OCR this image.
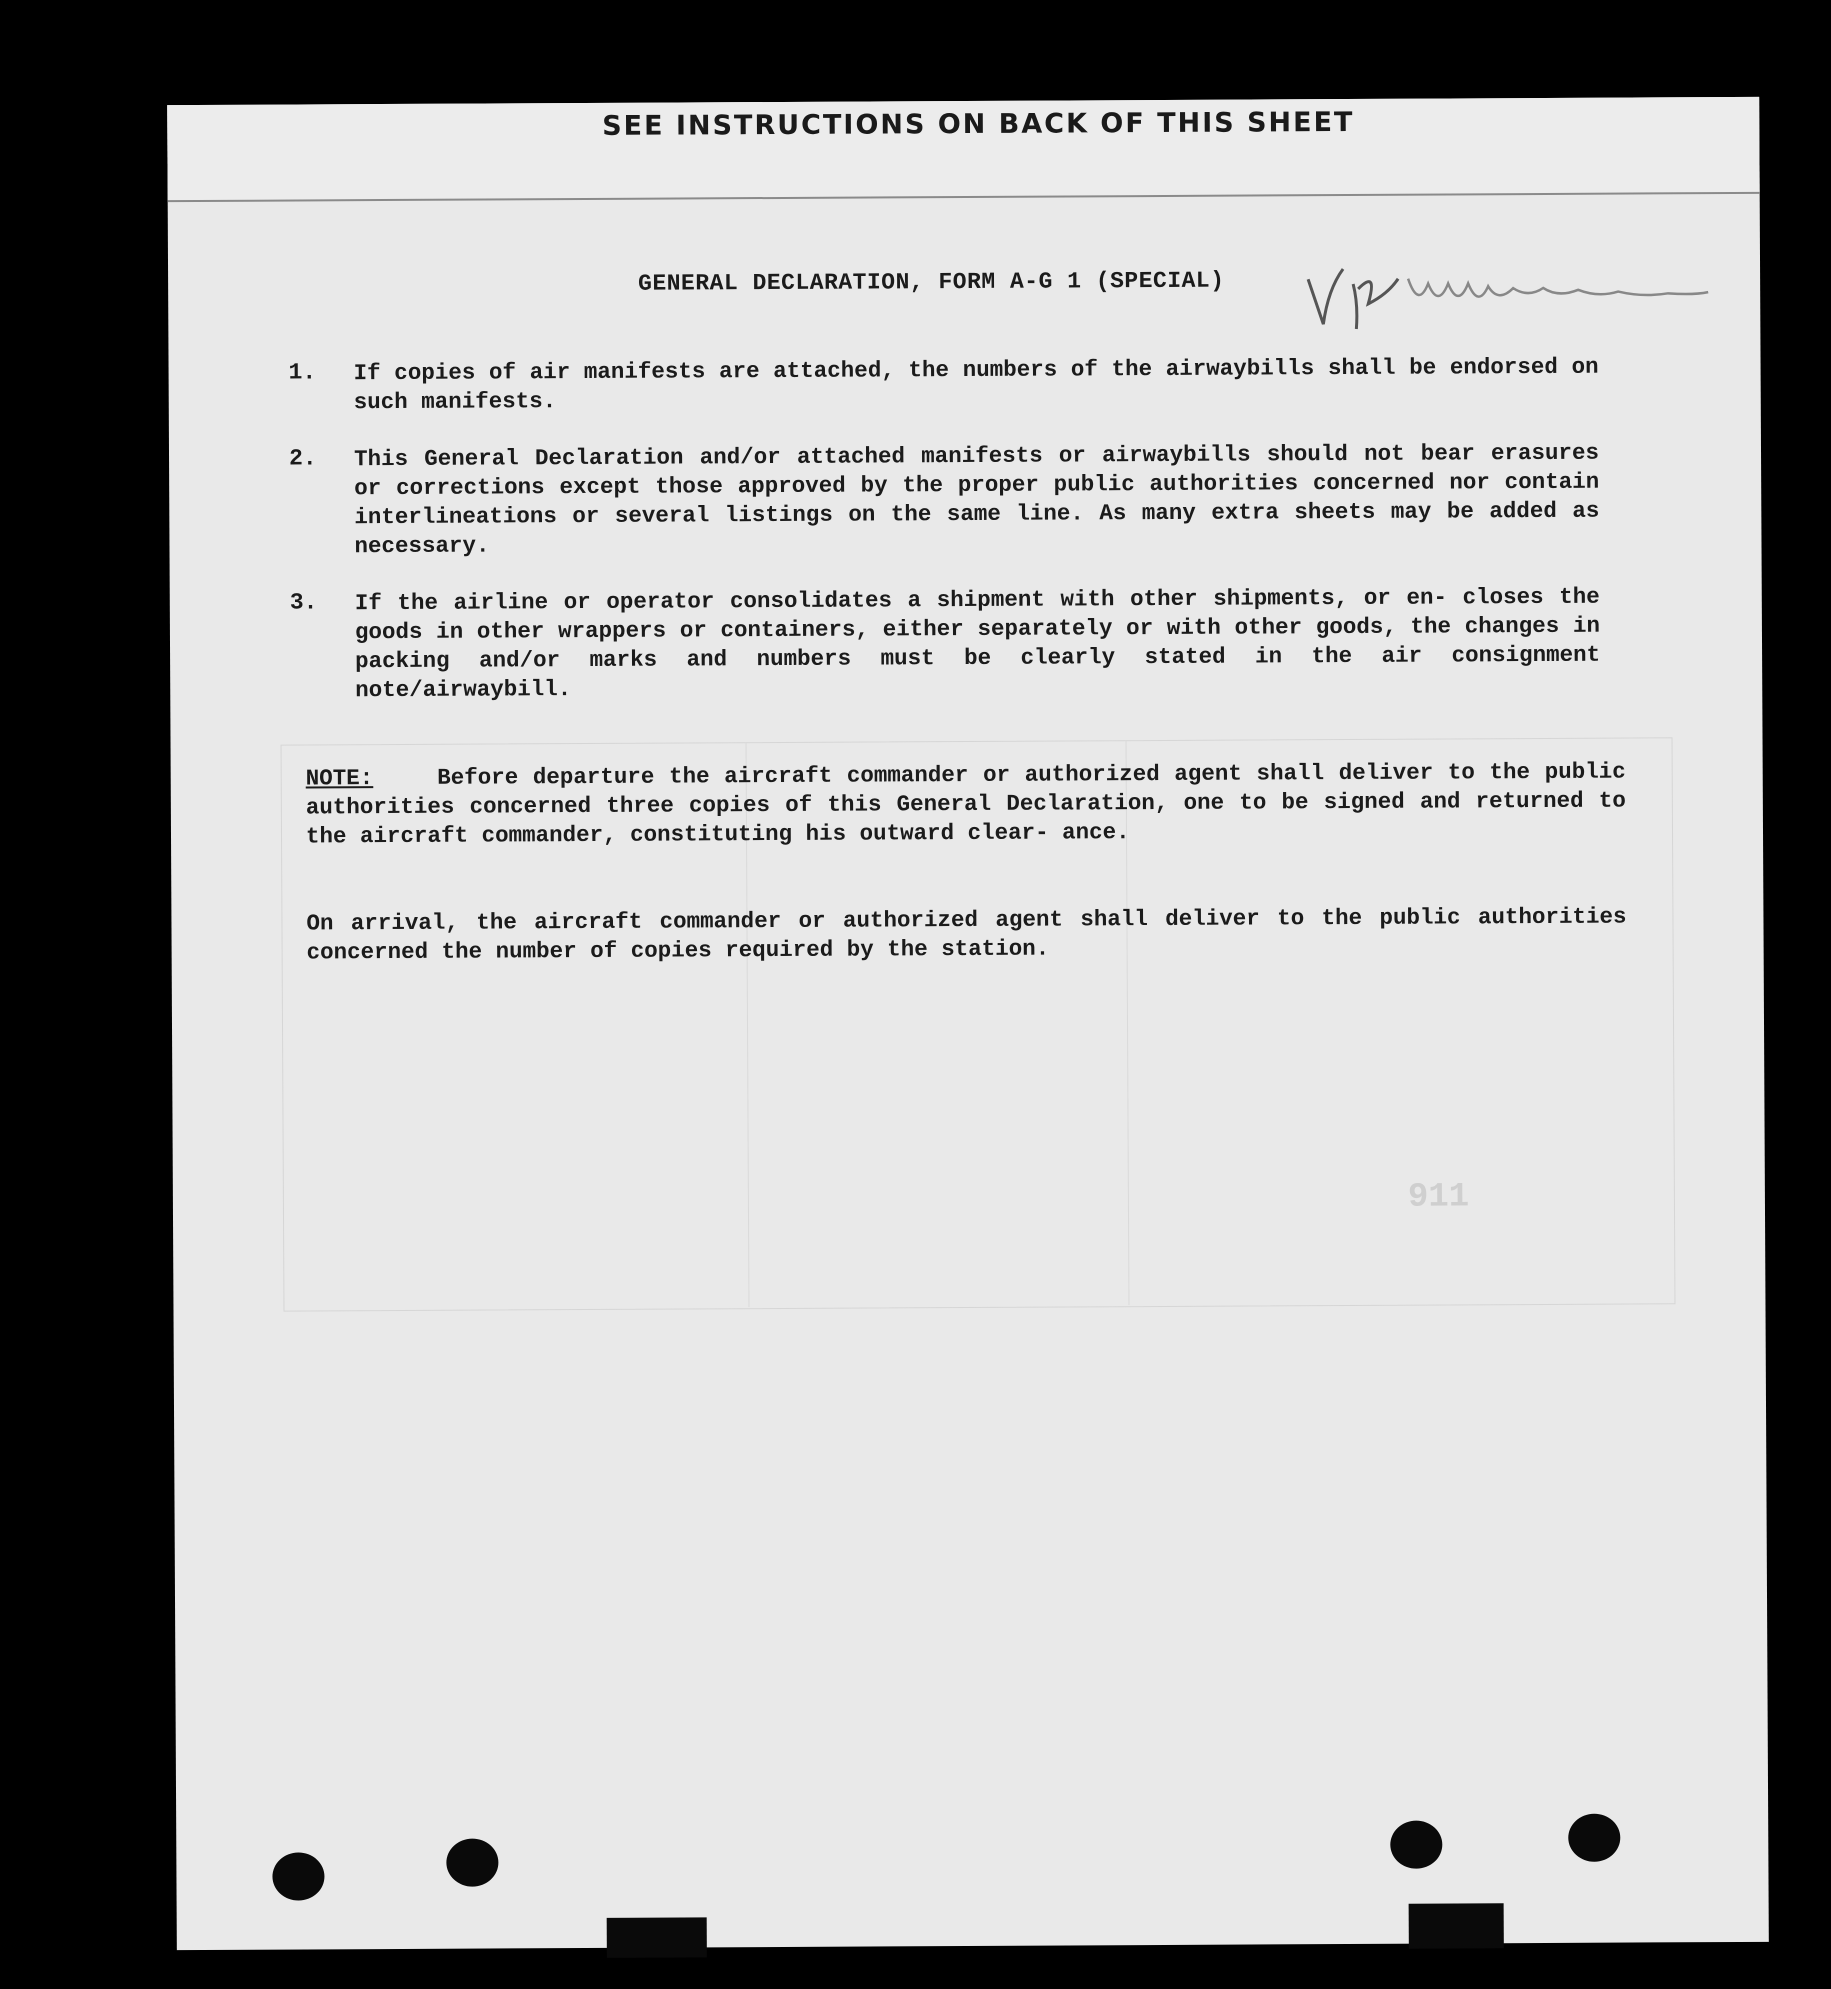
SEE INSTRUCTIONS ON BACK OF THIS SHEET
911
GENERAL DECLARATION, FORM A-G 1 (SPECIAL)
1. If copies of air manifests are attached, the numbers of the airwaybills shall be endorsed on such manifests.
2. This General Declaration and/or attached manifests or airwaybills should not bear erasures or corrections except those approved by the proper public authorities concerned nor contain interlineations or several listings on the same line. As many extra sheets may be added as necessary.
3. If the airline or operator consolidates a shipment with other shipments, or en- closes the goods in other wrappers or containers, either separately or with other goods, the changes in packing and/or marks and numbers must be clearly stated in the air consignment note/airwaybill.
NOTE:	Before departure the aircraft commander or authorized agent shall deliver to the public authorities concerned three copies of this General Declaration, one to be signed and returned to the aircraft commander, constituting his outward clear- ance.
On arrival, the aircraft commander or authorized agent shall deliver to the public authorities concerned the number of copies required by the station.
